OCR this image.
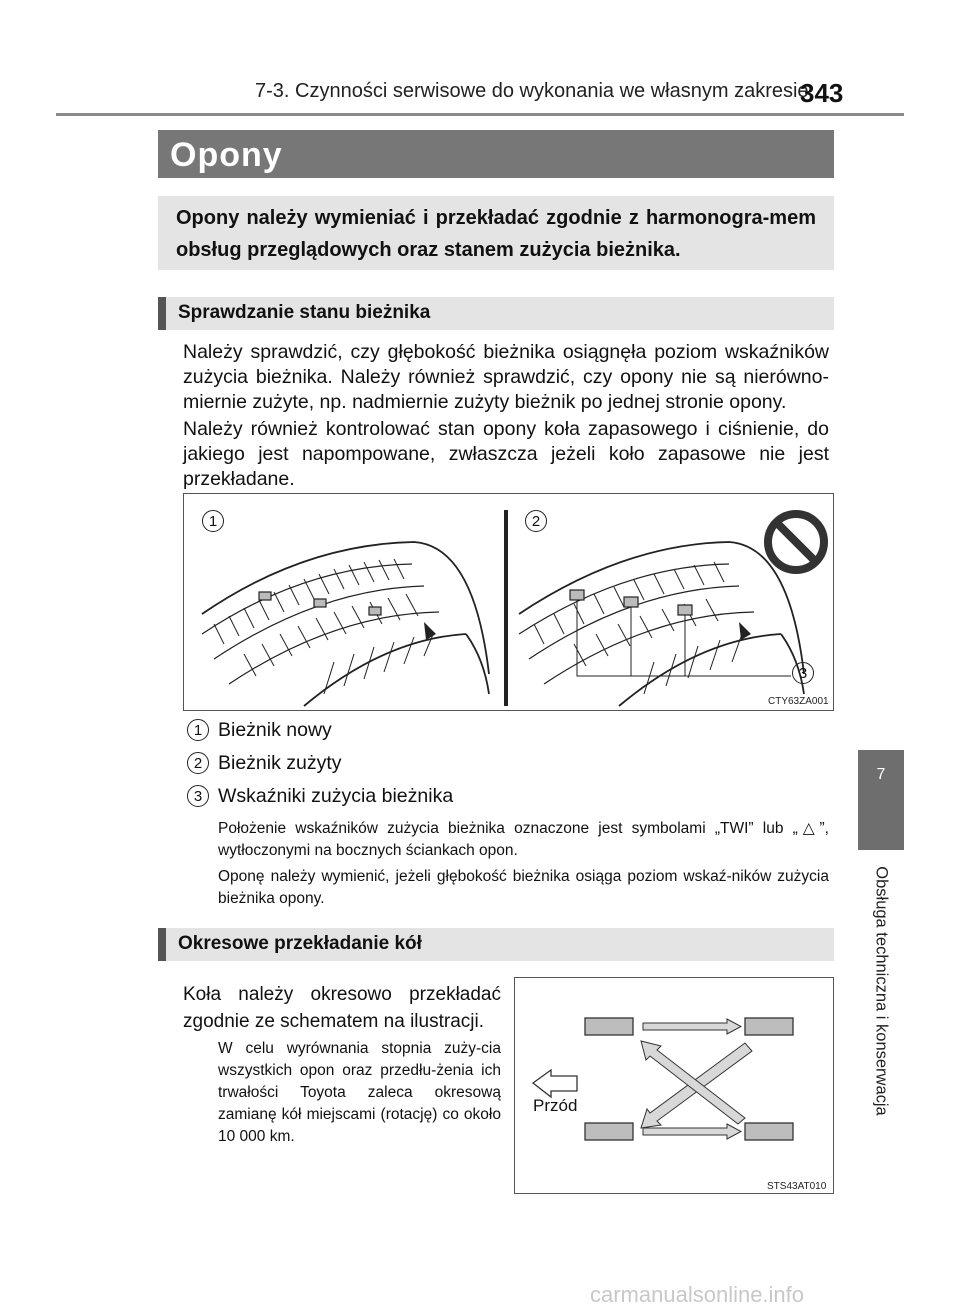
7-3. Czynności serwisowe do wykonania we własnym zakresie
343
Opony

Opony należy wymieniać i przekładać zgodnie z harmonogra-mem obsług przeglądowych oraz stanem zużycia bieżnika.

Sprawdzanie stanu bieżnika

Należy sprawdzić, czy głębokość bieżnika osiągnęła poziom wskaźników zużycia bieżnika. Należy również sprawdzić, czy opony nie są nierówno-miernie zużyte, np. nadmiernie zużyty bieżnik po jednej stronie opony.

Należy również kontrolować stan opony koła zapasowego i ciśnienie, do jakiego jest napompowane, zwłaszcza jeżeli koło zapasowe nie jest przekładane.

1	2
3
CTY63ZA001
1 Bieżnik nowy
2 Bieżnik zużyty
3 Wskaźniki zużycia bieżnika

Położenie wskaźników zużycia bieżnika oznaczone jest symbolami „TWI” lub „△”, wytłoczonymi na bocznych ściankach opon.

Oponę należy wymienić, jeżeli głębokość bieżnika osiąga poziom wskaź-ników zużycia bieżnika opony.

Okresowe przekładanie kół

Koła należy okresowo przekładać zgodnie ze schematem na ilustracji.

W celu wyrównania stopnia zuży-cia wszystkich opon oraz przedłu-żenia ich trwałości Toyota zaleca okresową zamianę kół miejscami (rotację) co około 10 000 km.

Przód
STS43AT010
7
Obsługa techniczna i konserwacja
carmanualsonline.info
